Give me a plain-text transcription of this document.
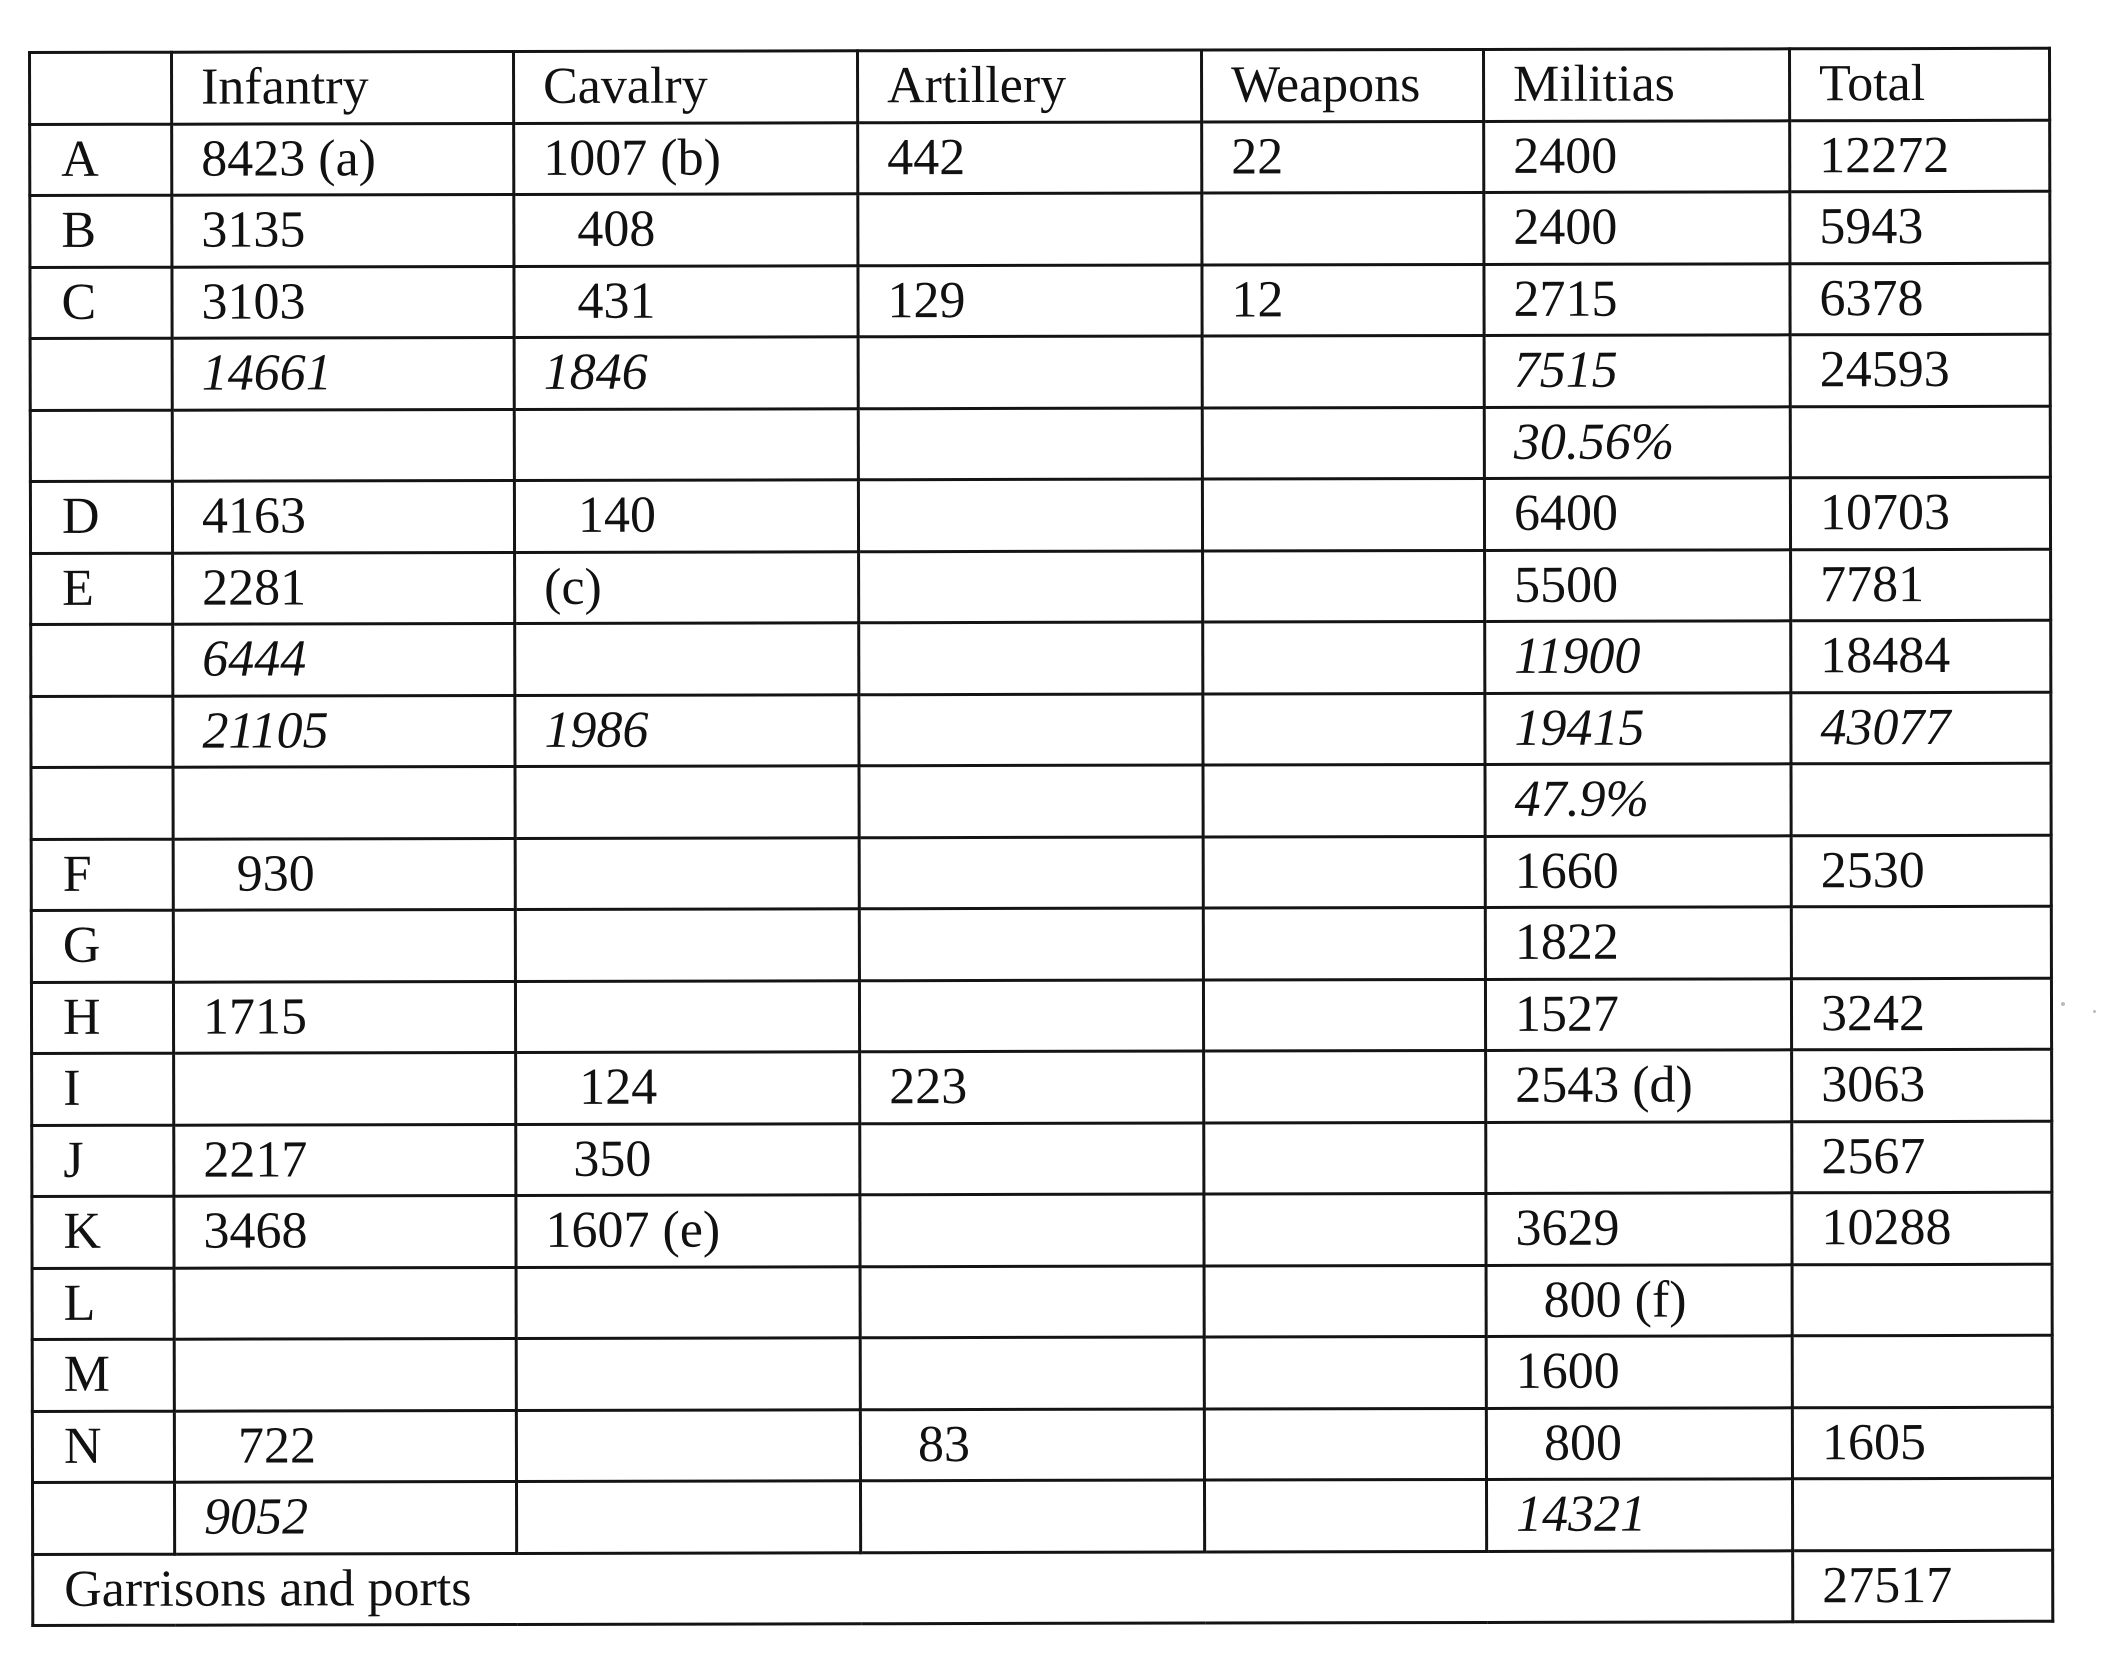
	Infantry	Cavalry	Artillery	Weapons	Militias	Total
A	8423 (a)	1007 (b)	442	22	2400	12272
B	3135	408			2400	5943
C	3103	431	129	12	2715	6378
	14661	1846			7515	24593
					30.56%	
D	4163	140			6400	10703
E	2281	(c)			5500	7781
	6444				11900	18484
	21105	1986			19415	43077
					47.9%	
F	930				1660	2530
G					1822	
H	1715				1527	3242
I		124	223		2543 (d)	3063
J	2217	350				2567
K	3468	1607 (e)			3629	10288
L					800 (f)	
M					1600	
N	722		83		800	1605
	9052				14321	
Garrisons and ports						27517
